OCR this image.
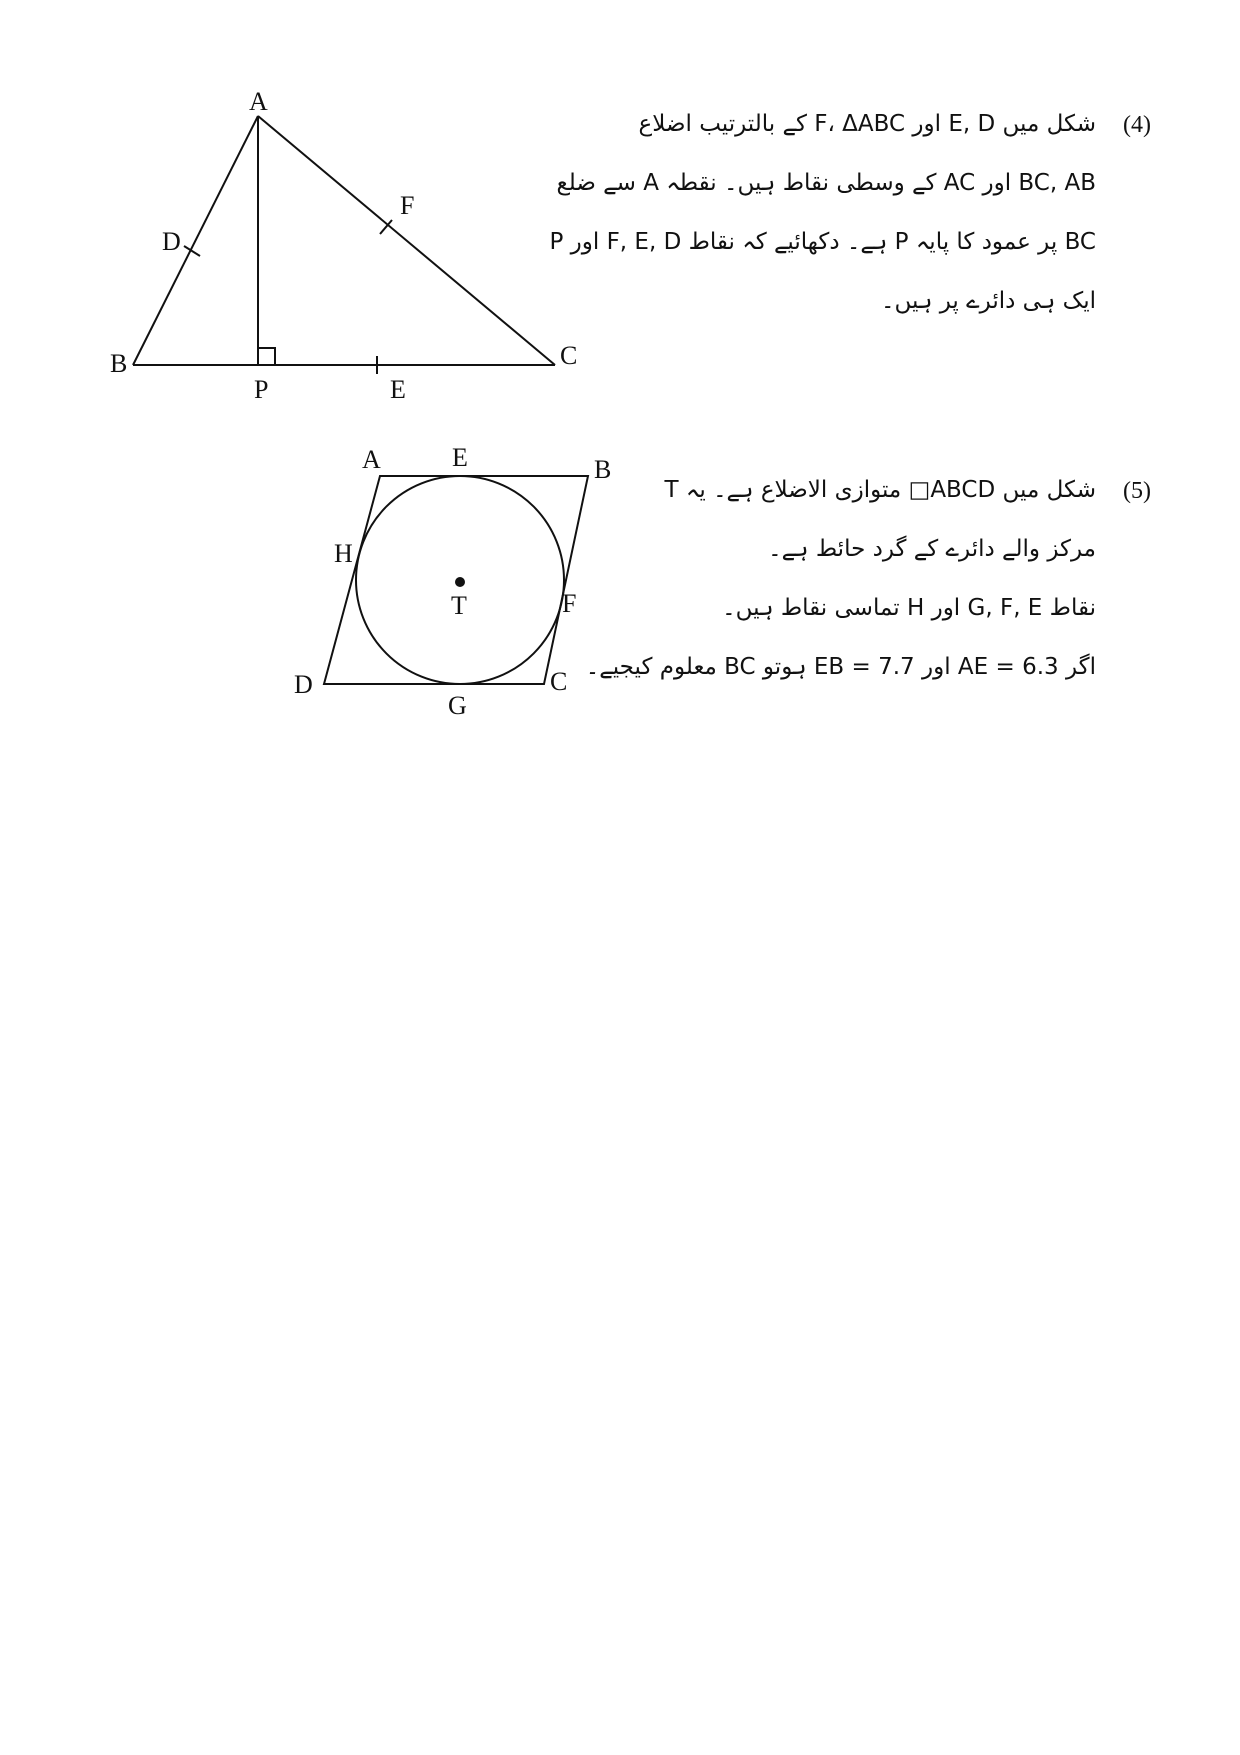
A
B	C
D
F
P	E
(4)
شکل میں E, D اور F، ΔABC کے بالترتیب اضلاع
BC, AB اور AC کے وسطی نقاط ہیں۔ نقطہ A سے ضلع
BC پر عمود کا پایہ P ہے۔ دکھائیے کہ نقاط F, E, D اور P
ایک ہی دائرے پر ہیں۔
A	E	B
H
T	F
D	C
G
(5)
شکل میں ABCD□ متوازی الاضلاع ہے۔ یہ T
مرکز والے دائرے کے گرد حائط ہے۔
نقاط G, F, E اور H تماسی نقاط ہیں۔
اگر AE = 6.3 اور EB = 7.7 ہوتو BC معلوم کیجیے۔
